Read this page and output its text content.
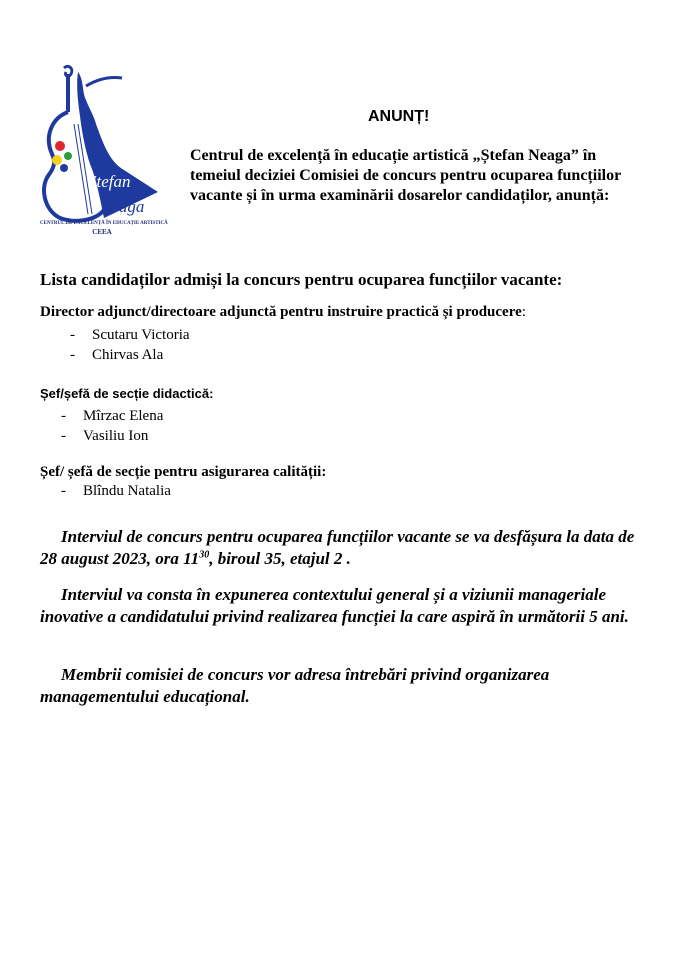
Ștefan
Neaga
CENTRUL DE EXCELENȚĂ ÎN EDUCAȚIE ARTISTICĂ
CEEA
ANUNȚ!

Centrul de excelență în educație artistică „Ștefan Neaga” în temeiul deciziei Comisiei de concurs pentru ocuparea funcțiilor vacante și în urma examinării dosarelor candidaților, anunță:

Lista candidaților admiși la concurs pentru ocuparea funcțiilor vacante:

Director adjunct/directoare adjunctă pentru instruire practică și producere:

- Scutaru Victoria
- Chirvas Ala

Șef/șefă de secție didactică:

- Mîrzac Elena
- Vasiliu Ion

Șef/ șefă de secție pentru asigurarea calității:

- Blîndu Natalia

Interviul de concurs pentru ocuparea funcțiilor vacante se va desfășura la data de 28 august 2023, ora $11^{30}$, biroul 35, etajul 2 .

Interviul va consta în expunerea contextului general și a viziunii manageriale inovative a candidatului privind realizarea funcției la care aspiră în următorii 5 ani.

Membrii comisiei de concurs vor adresa întrebări privind organizarea managementului educațional.
